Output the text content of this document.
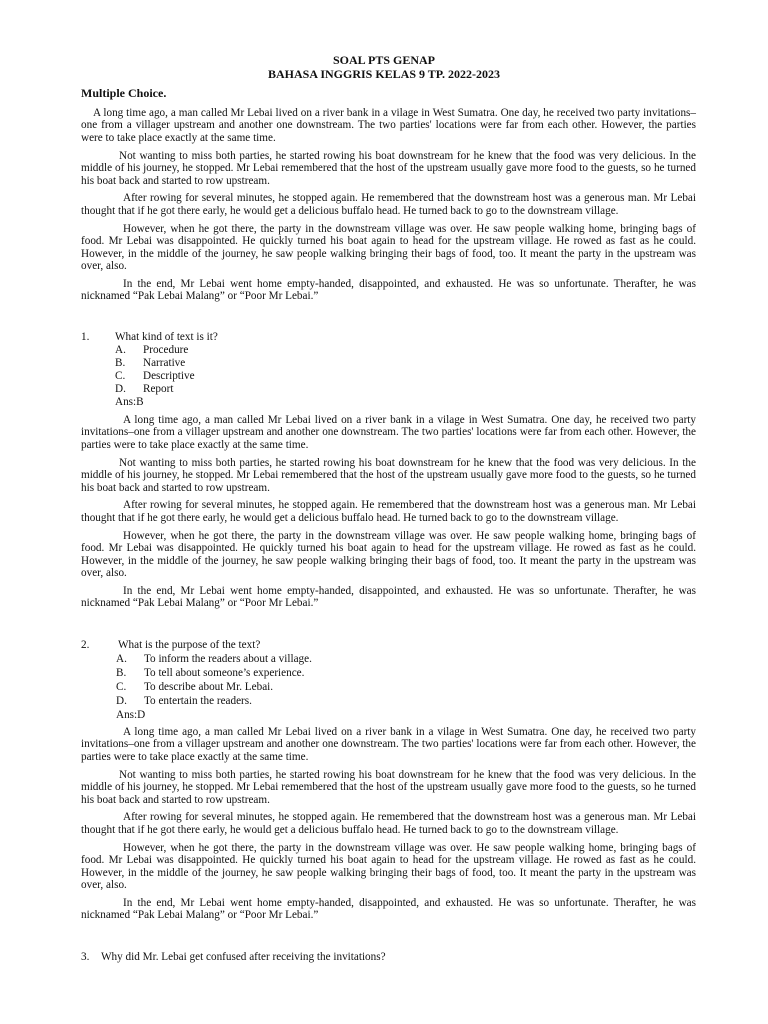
SOAL PTS GENAP
BAHASA INGGRIS KELAS 9 TP. 2022-2023
Multiple Choice.

A long time ago, a man called Mr Lebai lived on a river bank in a vilage in West Sumatra. One day, he received two party invitations–one from a villager upstream and another one downstream. The two parties' locations were far from each other. However, the parties were to take place exactly at the same time.

Not wanting to miss both parties, he started rowing his boat downstream for he knew that the food was very delicious. In the middle of his journey, he stopped. Mr Lebai remembered that the host of the upstream usually gave more food to the guests, so he turned his boat back and started to row upstream.

After rowing for several minutes, he stopped again. He remembered that the downstream host was a generous man. Mr Lebai thought that if he got there early, he would get a delicious buffalo head. He turned back to go to the downstream village.

However, when he got there, the party in the downstream village was over. He saw people walking home, bringing bags of food. Mr Lebai was disappointed. He quickly turned his boat again to head for the upstream village. He rowed as fast as he could. However, in the middle of the journey, he saw people walking bringing their bags of food, too. It meant the party in the upstream was over, also.

In the end, Mr Lebai went home empty-handed, disappointed, and exhausted. He was so unfortunate. Therafter, he was nicknamed “Pak Lebai Malang” or “Poor Mr Lebai.”

1. What kind of text is it?
A. Procedure
B. Narrative
C. Descriptive
D. Report
Ans:B

A long time ago, a man called Mr Lebai lived on a river bank in a vilage in West Sumatra. One day, he received two party invitations–one from a villager upstream and another one downstream. The two parties' locations were far from each other. However, the parties were to take place exactly at the same time.

Not wanting to miss both parties, he started rowing his boat downstream for he knew that the food was very delicious. In the middle of his journey, he stopped. Mr Lebai remembered that the host of the upstream usually gave more food to the guests, so he turned his boat back and started to row upstream.

After rowing for several minutes, he stopped again. He remembered that the downstream host was a generous man. Mr Lebai thought that if he got there early, he would get a delicious buffalo head. He turned back to go to the downstream village.

However, when he got there, the party in the downstream village was over. He saw people walking home, bringing bags of food. Mr Lebai was disappointed. He quickly turned his boat again to head for the upstream village. He rowed as fast as he could. However, in the middle of the journey, he saw people walking bringing their bags of food, too. It meant the party in the upstream was over, also.

In the end, Mr Lebai went home empty-handed, disappointed, and exhausted. He was so unfortunate. Therafter, he was nicknamed “Pak Lebai Malang” or “Poor Mr Lebai.”

2.	What is the purpose of the text?
A. To inform the readers about a village.
B. To tell about someone’s experience.
C. To describe about Mr. Lebai.
D. To entertain the readers.
Ans:D

A long time ago, a man called Mr Lebai lived on a river bank in a vilage in West Sumatra. One day, he received two party invitations–one from a villager upstream and another one downstream. The two parties' locations were far from each other. However, the parties were to take place exactly at the same time.

Not wanting to miss both parties, he started rowing his boat downstream for he knew that the food was very delicious. In the middle of his journey, he stopped. Mr Lebai remembered that the host of the upstream usually gave more food to the guests, so he turned his boat back and started to row upstream.

After rowing for several minutes, he stopped again. He remembered that the downstream host was a generous man. Mr Lebai thought that if he got there early, he would get a delicious buffalo head. He turned back to go to the downstream village.

However, when he got there, the party in the downstream village was over. He saw people walking home, bringing bags of food. Mr Lebai was disappointed. He quickly turned his boat again to head for the upstream village. He rowed as fast as he could. However, in the middle of the journey, he saw people walking bringing their bags of food, too. It meant the party in the upstream was over, also.

In the end, Mr Lebai went home empty-handed, disappointed, and exhausted. He was so unfortunate. Therafter, he was nicknamed “Pak Lebai Malang” or “Poor Mr Lebai.”

3. Why did Mr. Lebai get confused after receiving the invitations?
